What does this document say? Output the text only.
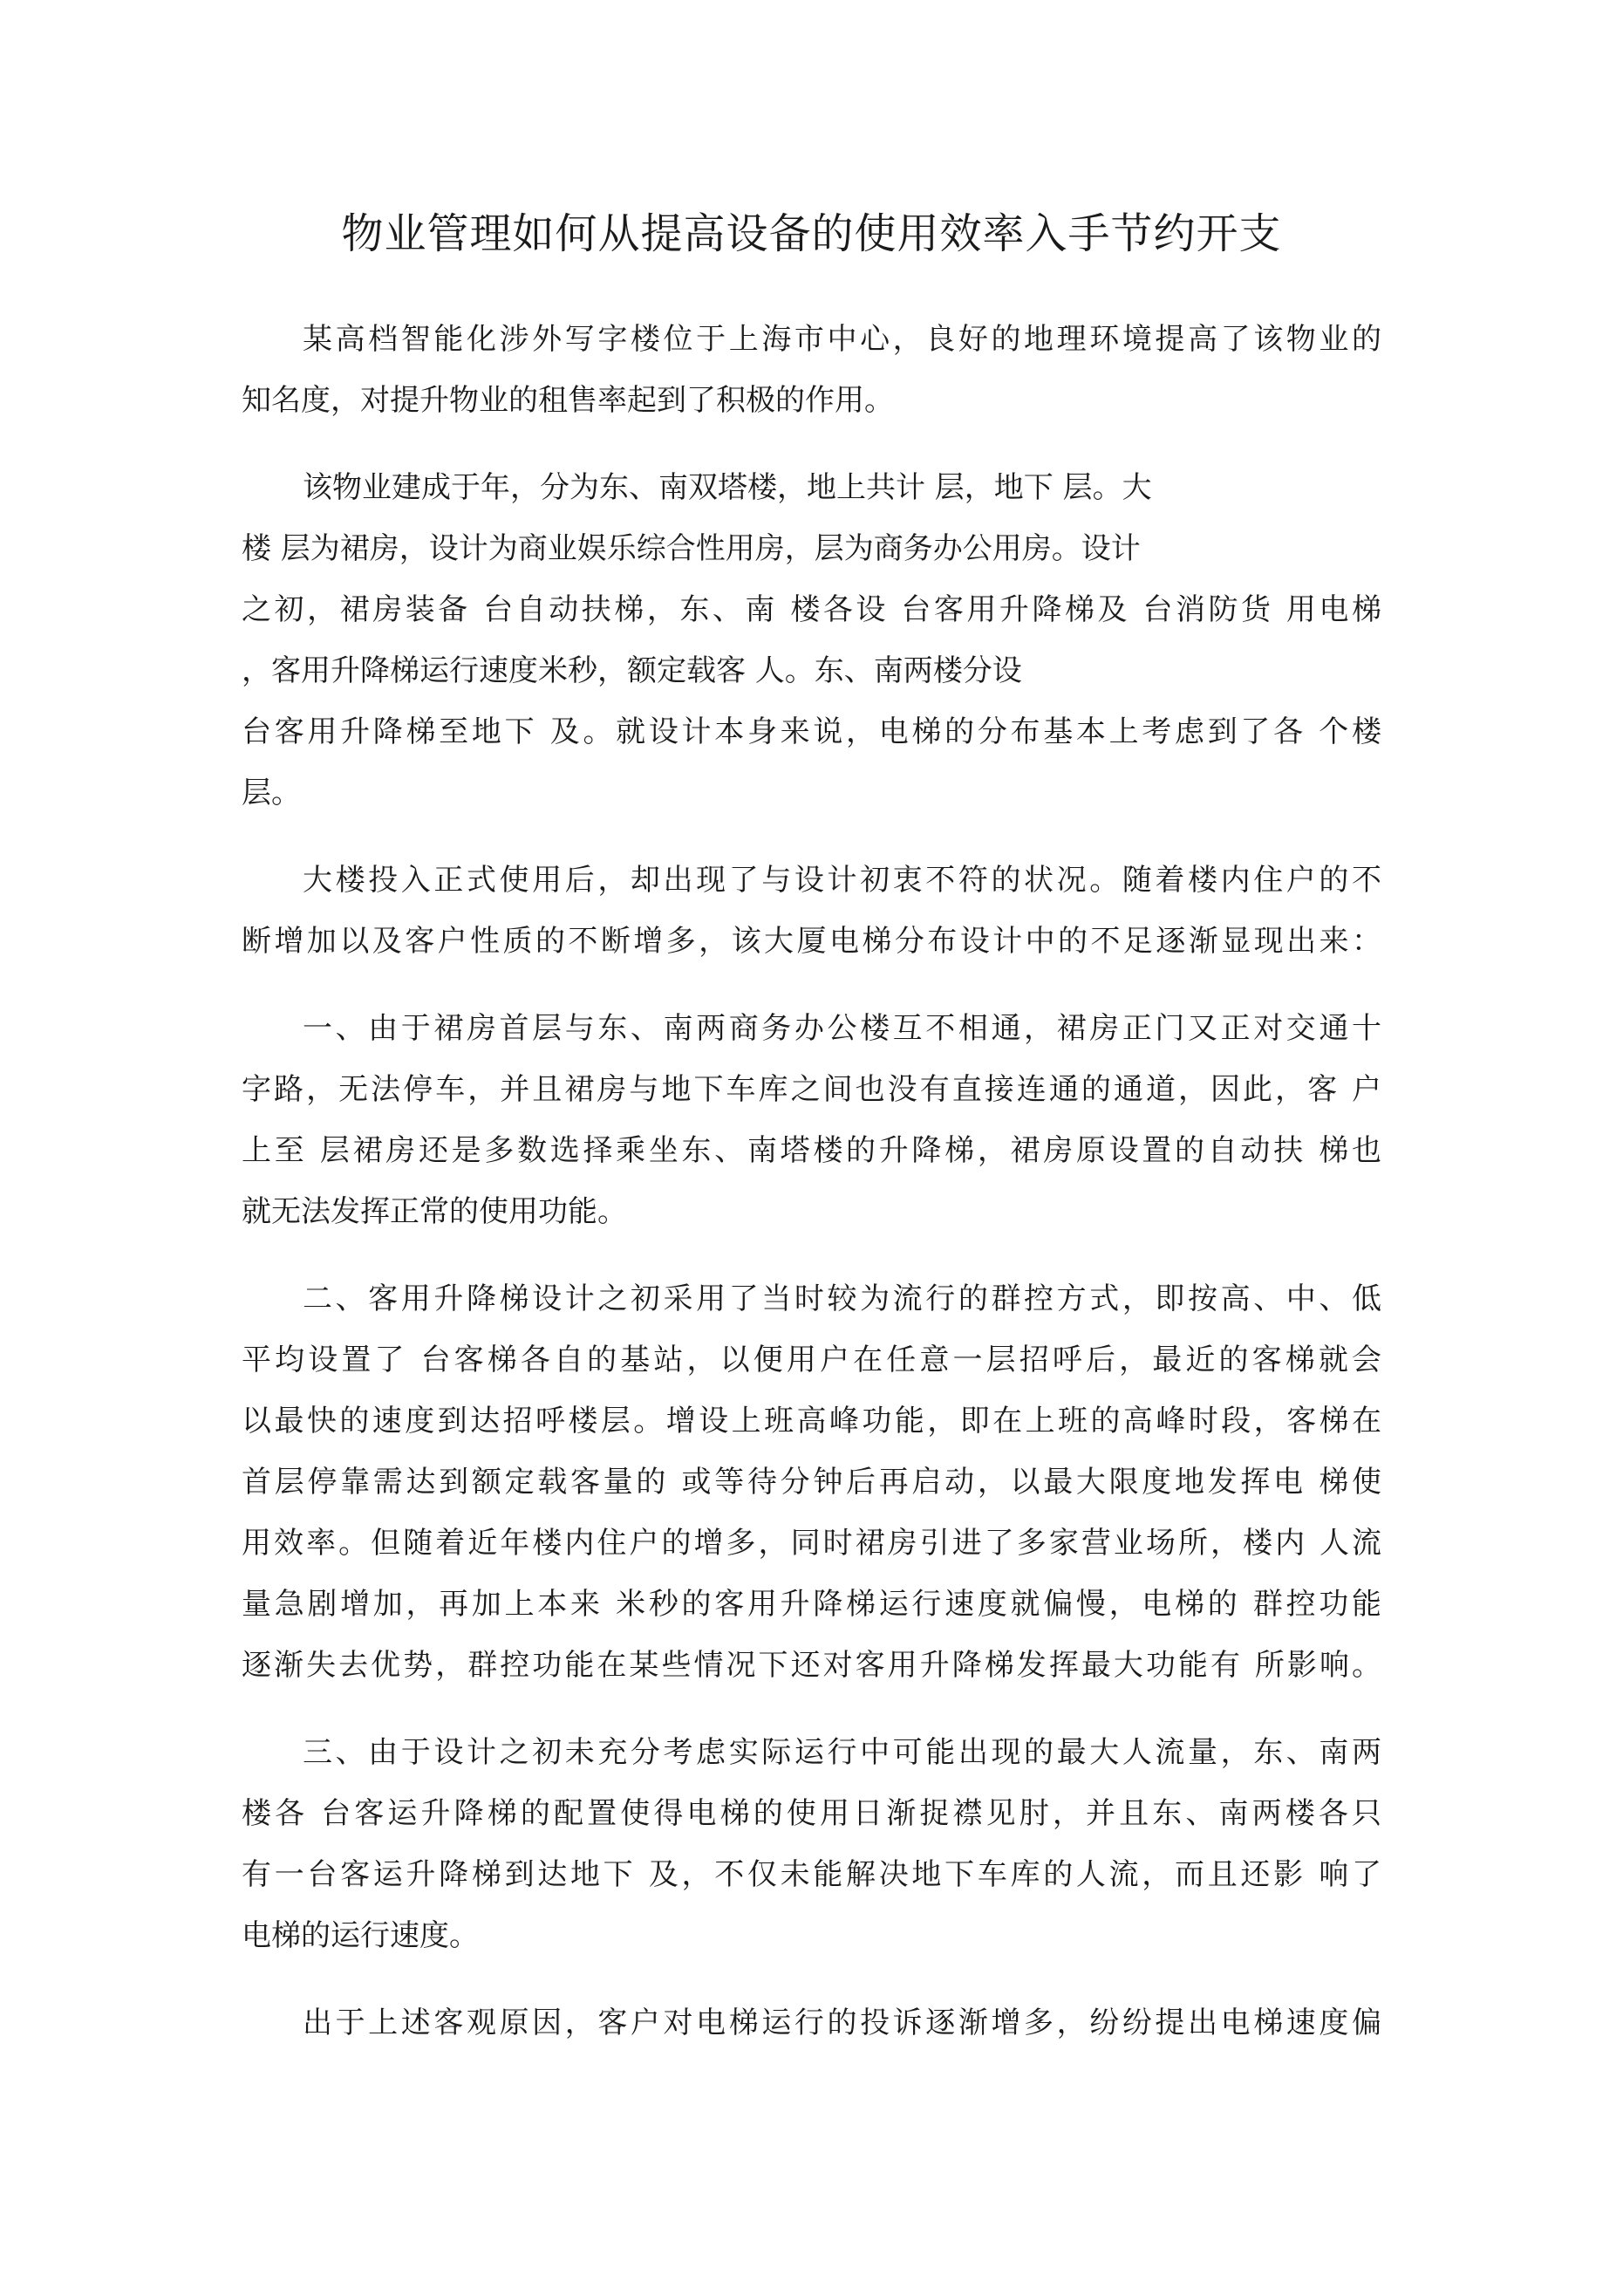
物业管理如何从提高设备的使用效率入手节约开支
某高档智能化涉外写字楼位于上海市中心，良好的地理环境提高了该物业的
知名度，对提升物业的租售率起到了积极的作用。
该物业建成于年，分为东、南双塔楼，地上共计 层，地下 层。大
楼 层为裙房，设计为商业娱乐综合性用房，层为商务办公用房。设计
之初，裙房装备 台自动扶梯，东、南 楼各设 台客用升降梯及 台消防货 用电梯
，客用升降梯运行速度米秒，额定载客 人。东、南两楼分设
台客用升降梯至地下 及。就设计本身来说，电梯的分布基本上考虑到了各 个楼
层。
大楼投入正式使用后，却出现了与设计初衷不符的状况。随着楼内住户的不
断增加以及客户性质的不断增多，该大厦电梯分布设计中的不足逐渐显现出来：
一、由于裙房首层与东、南两商务办公楼互不相通，裙房正门又正对交通十
字路，无法停车，并且裙房与地下车库之间也没有直接连通的通道，因此，客 户
上至 层裙房还是多数选择乘坐东、南塔楼的升降梯，裙房原设置的自动扶 梯也
就无法发挥正常的使用功能。
二、客用升降梯设计之初采用了当时较为流行的群控方式，即按高、中、低
平均设置了 台客梯各自的基站，以便用户在任意一层招呼后，最近的客梯就会
以最快的速度到达招呼楼层。增设上班高峰功能，即在上班的高峰时段，客梯在
首层停靠需达到额定载客量的 或等待分钟后再启动，以最大限度地发挥电 梯使
用效率。但随着近年楼内住户的增多，同时裙房引进了多家营业场所，楼内 人流
量急剧增加，再加上本来 米秒的客用升降梯运行速度就偏慢，电梯的 群控功能
逐渐失去优势，群控功能在某些情况下还对客用升降梯发挥最大功能有 所影响。
三、由于设计之初未充分考虑实际运行中可能出现的最大人流量，东、南两
楼各 台客运升降梯的配置使得电梯的使用日渐捉襟见肘，并且东、南两楼各只
有一台客运升降梯到达地下 及，不仅未能解决地下车库的人流，而且还影 响了
电梯的运行速度。
出于上述客观原因，客户对电梯运行的投诉逐渐增多，纷纷提出电梯速度偏
